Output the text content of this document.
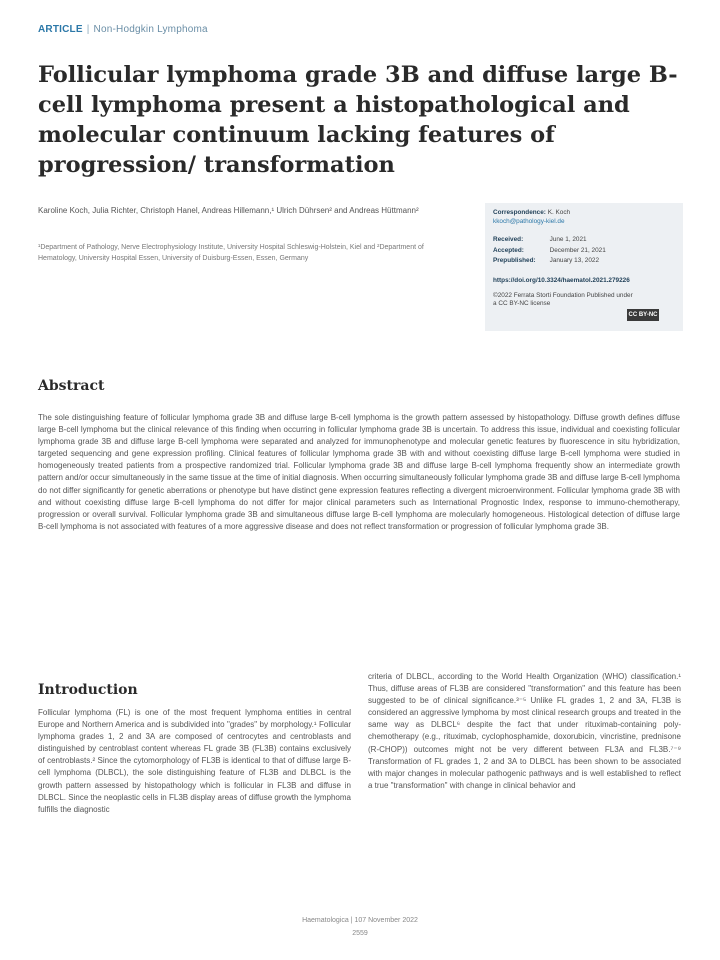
ARTICLE | Non-Hodgkin Lymphoma
Follicular lymphoma grade 3B and diffuse large B-cell lymphoma present a histopathological and molecular continuum lacking features of progression/ transformation

Karoline Koch, Julia Richter, Christoph Hanel, Andreas Hillemann,¹ Ulrich Dührsen² and Andreas Hüttmann²

¹Department of Pathology, Nerve Electrophysiology Institute, University Hospital Schleswig-Holstein, Kiel and ²Department of Hematology, University Hospital Essen, University of Duisburg-Essen, Essen, Germany

Correspondence: K. Koch
kkoch@pathology-kiel.de
Received:	June 1, 2021
Accepted:	December 21, 2021
Prepublished:	January 13, 2022
https://doi.org/10.3324/haematol.2021.279226
©2022 Ferrata Storti Foundation Published under a CC BY-NC license
CC BY-NC
Abstract

The sole distinguishing feature of follicular lymphoma grade 3B and diffuse large B-cell lymphoma is the growth pattern assessed by histopathology. Diffuse growth defines diffuse large B-cell lymphoma but the clinical relevance of this finding when occurring in follicular lymphoma grade 3B is uncertain. To address this issue, individual and coexisting follicular lymphoma grade 3B and diffuse large B-cell lymphoma were separated and analyzed for immunophenotype and molecular genetic features by fluorescence in situ hybridization, targeted sequencing and gene expression profiling. Clinical features of follicular lymphoma grade 3B with and without coexisting diffuse large B-cell lymphoma were studied in homogeneously treated patients from a prospective randomized trial. Follicular lymphoma grade 3B and diffuse large B-cell lymphoma frequently show an intermediate growth pattern and/or occur simultaneously in the same tissue at the time of initial diagnosis. When occurring simultaneously follicular lymphoma grade 3B and diffuse large B-cell lymphoma do not differ significantly for genetic aberrations or phenotype but have distinct gene expression features reflecting a divergent microenvironment. Follicular lymphoma grade 3B with and without coexisting diffuse large B-cell lymphoma do not differ for major clinical parameters such as International Prognostic Index, response to immuno-chemotherapy, progression or overall survival. Follicular lymphoma grade 3B and simultaneous diffuse large B-cell lymphoma are molecularly homogeneous. Histological detection of diffuse large B-cell lymphoma is not associated with features of a more aggressive disease and does not reflect transformation or progression of follicular lymphoma grade 3B.

Introduction

Follicular lymphoma (FL) is one of the most frequent lymphoma entities in central Europe and Northern America and is subdivided into "grades" by morphology.¹ Follicular lymphoma grades 1, 2 and 3A are composed of centrocytes and centroblasts and distinguished by centroblast content whereas FL grade 3B (FL3B) contains exclusively of centroblasts.² Since the cytomorphology of FL3B is identical to that of diffuse large B-cell lymphoma (DLBCL), the sole distinguishing feature of FL3B and DLBCL is the growth pattern assessed by histopathology which is follicular in FL3B and diffuse in DLBCL. Since the neoplastic cells in FL3B display areas of diffuse growth the lymphoma fulfills the diagnostic

criteria of DLBCL, according to the World Health Organization (WHO) classification.¹ Thus, diffuse areas of FL3B are considered "transformation" and this feature has been suggested to be of clinical significance.³⁻⁵ Unlike FL grades 1, 2 and 3A, FL3B is considered an aggressive lymphoma by most clinical research groups and treated in the same way as DLBCL⁶ despite the fact that under rituximab-containing poly-chemotherapy (e.g., rituximab, cyclophosphamide, doxorubicin, vincristine, prednisone (R-CHOP)) outcomes might not be very different between FL3A and FL3B.⁷⁻⁹ Transformation of FL grades 1, 2 and 3A to DLBCL has been shown to be associated with major changes in molecular pathogenic pathways and is well established to reflect a true "transformation" with change in clinical behavior and

Haematologica | 107 November 2022
2559
